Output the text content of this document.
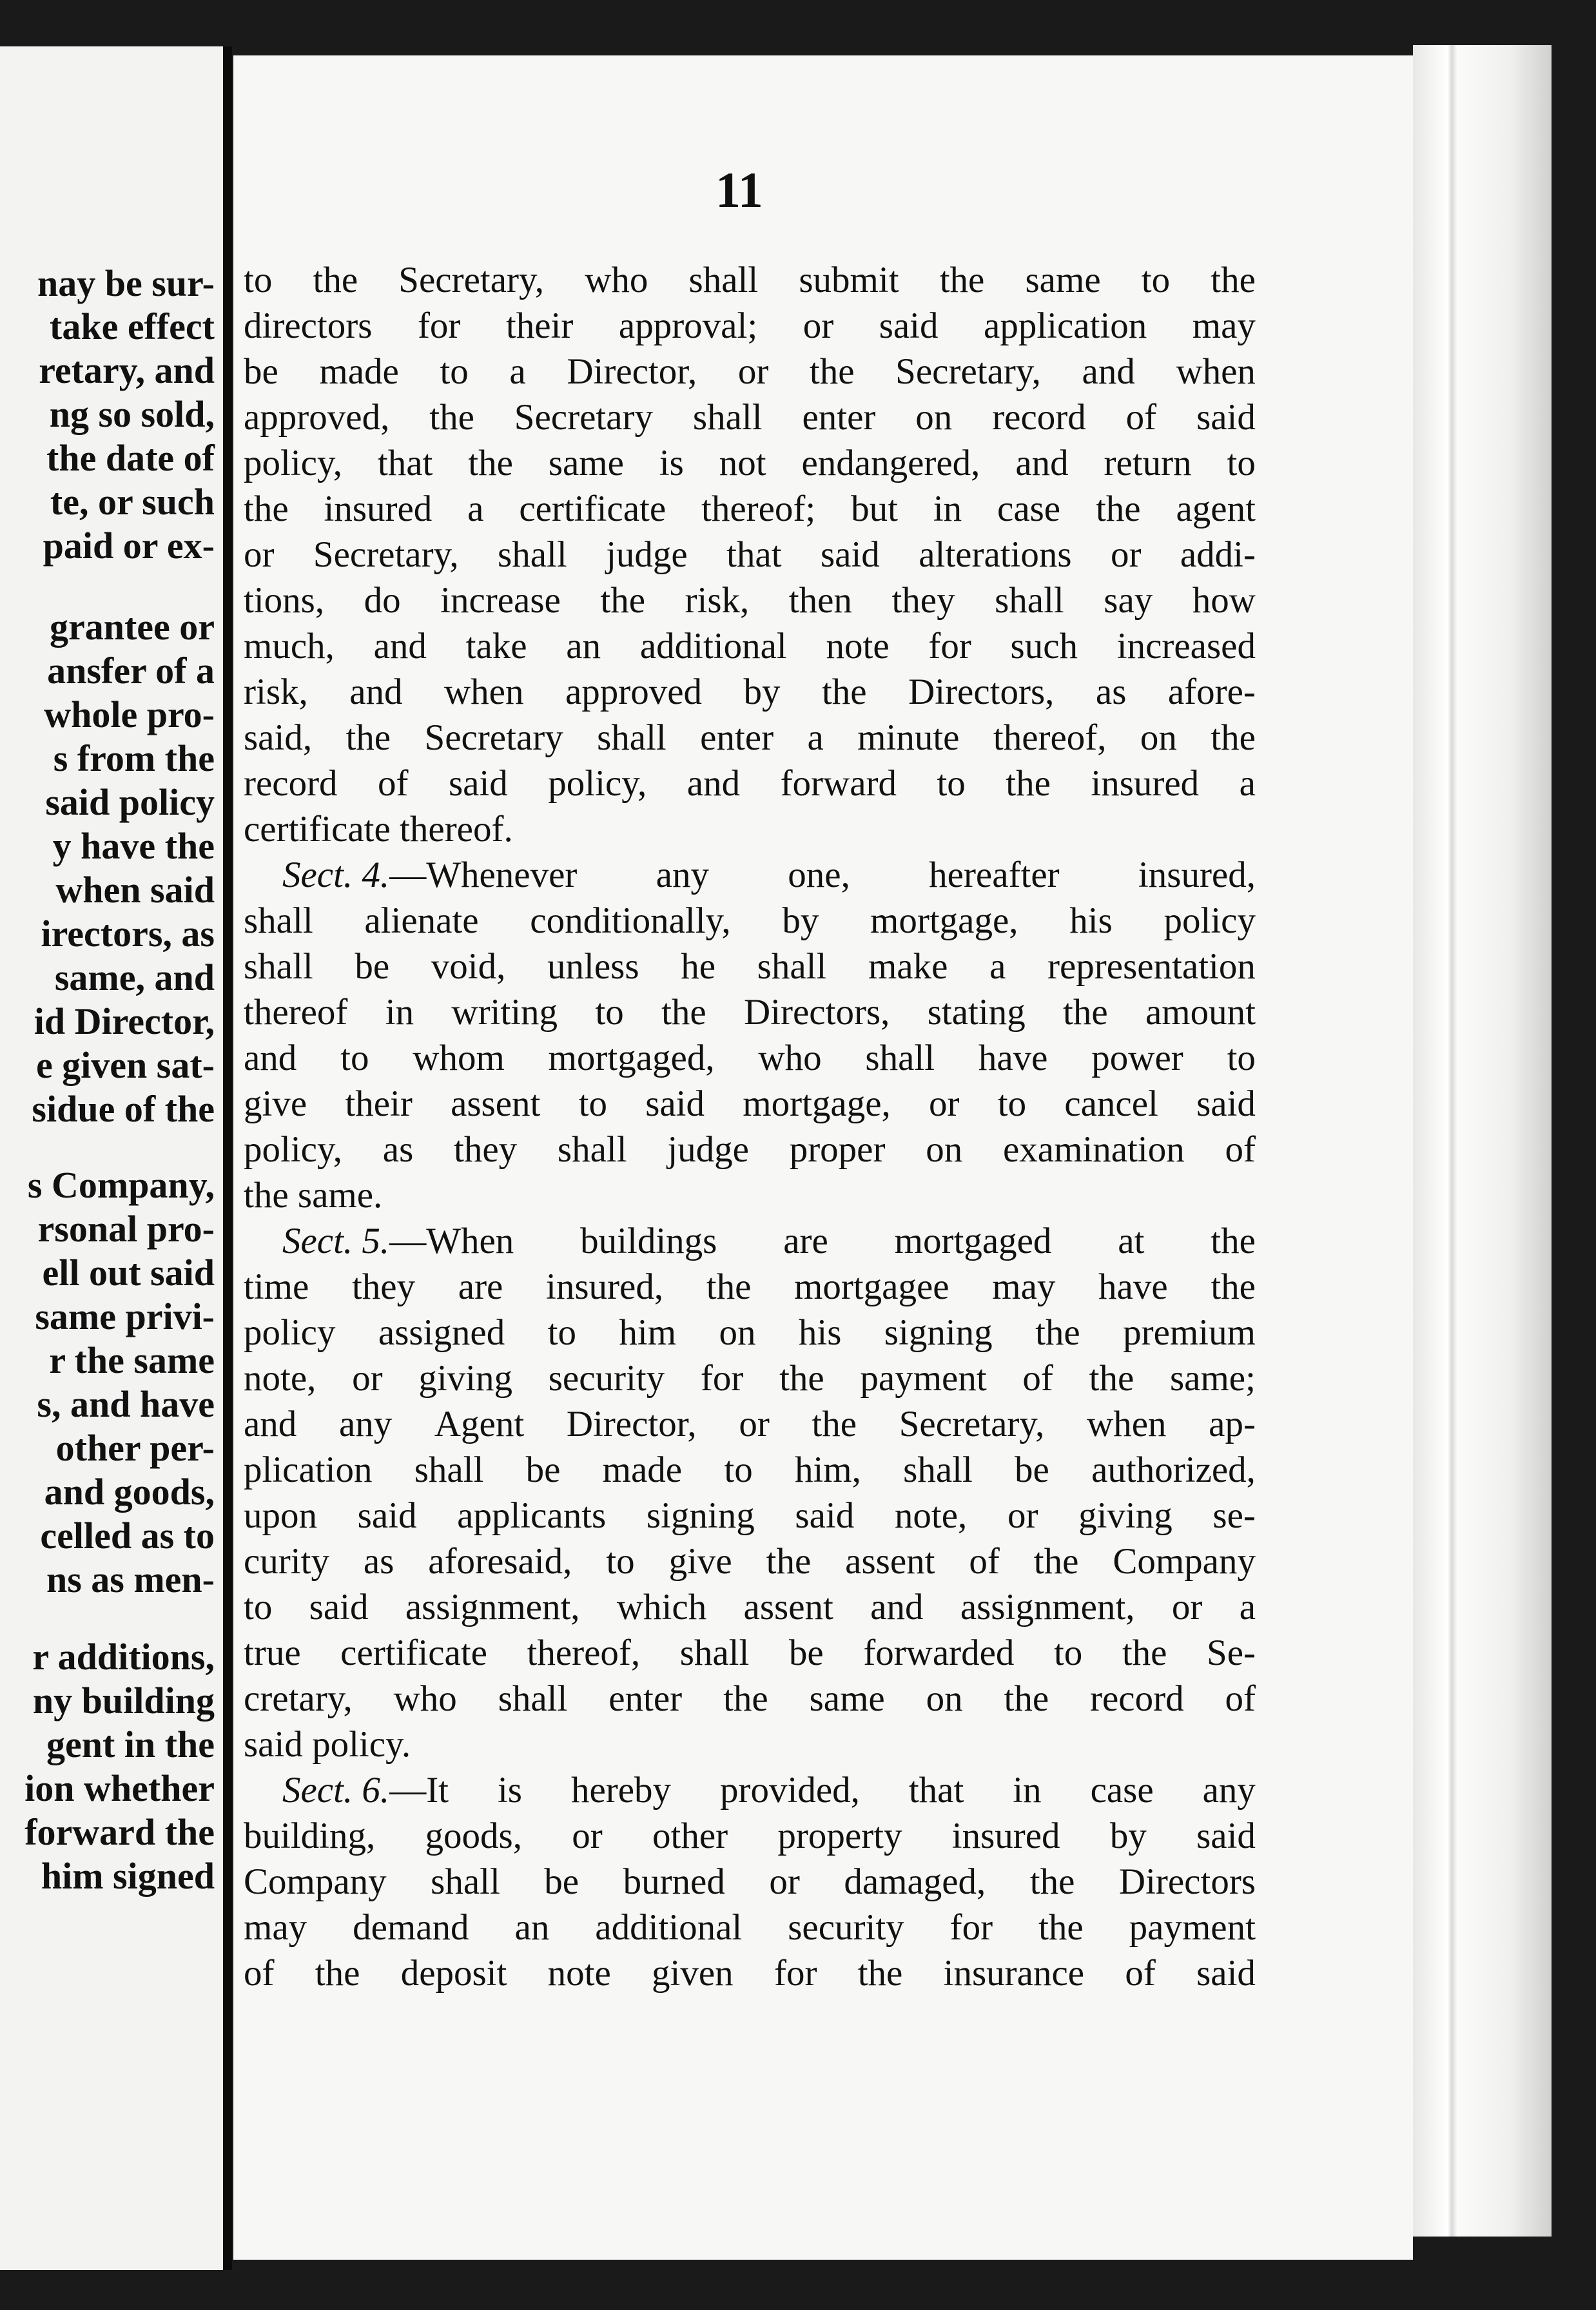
nay be sur-
take effect
retary, and
ng so sold,
the date of
te, or such
paid or ex-
grantee or
ansfer of a
whole pro-
s from the
said policy
y have the
when said
irectors, as
same, and
id Director,
e given sat-
sidue of the
s Company,
rsonal pro-
ell out said
same privi-
r the same
s, and have
other per-
and goods,
celled as to
ns as men-
r additions,
ny building
gent in the
ion whether
forward the
him signed
11
to the Secretary, who shall submit the same to the
directors for their approval; or said application may
be made to a Director, or the Secretary, and when
approved, the Secretary shall enter on record of said
policy, that the same is not endangered, and return to
the insured a certificate thereof; but in case the agent
or Secretary, shall judge that said alterations or addi-
tions, do increase the risk, then they shall say how
much, and take an additional note for such increased
risk, and when approved by the Directors, as afore-
said, the Secretary shall enter a minute thereof, on the
record of said policy, and forward to the insured a
certificate thereof.
Sect. 4.—Whenever any one, hereafter insured,
shall alienate conditionally, by mortgage, his policy
shall be void, unless he shall make a representation
thereof in writing to the Directors, stating the amount
and to whom mortgaged, who shall have power to
give their assent to said mortgage, or to cancel said
policy, as they shall judge proper on examination of
the same.
Sect. 5.—When buildings are mortgaged at the
time they are insured, the mortgagee may have the
policy assigned to him on his signing the premium
note, or giving security for the payment of the same;
and any Agent Director, or the Secretary, when ap-
plication shall be made to him, shall be authorized,
upon said applicants signing said note, or giving se-
curity as aforesaid, to give the assent of the Company
to said assignment, which assent and assignment, or a
true certificate thereof, shall be forwarded to the Se-
cretary, who shall enter the same on the record of
said policy.
Sect. 6.—It is hereby provided, that in case any
building, goods, or other property insured by said
Company shall be burned or damaged, the Directors
may demand an additional security for the payment
of the deposit note given for the insurance of said
